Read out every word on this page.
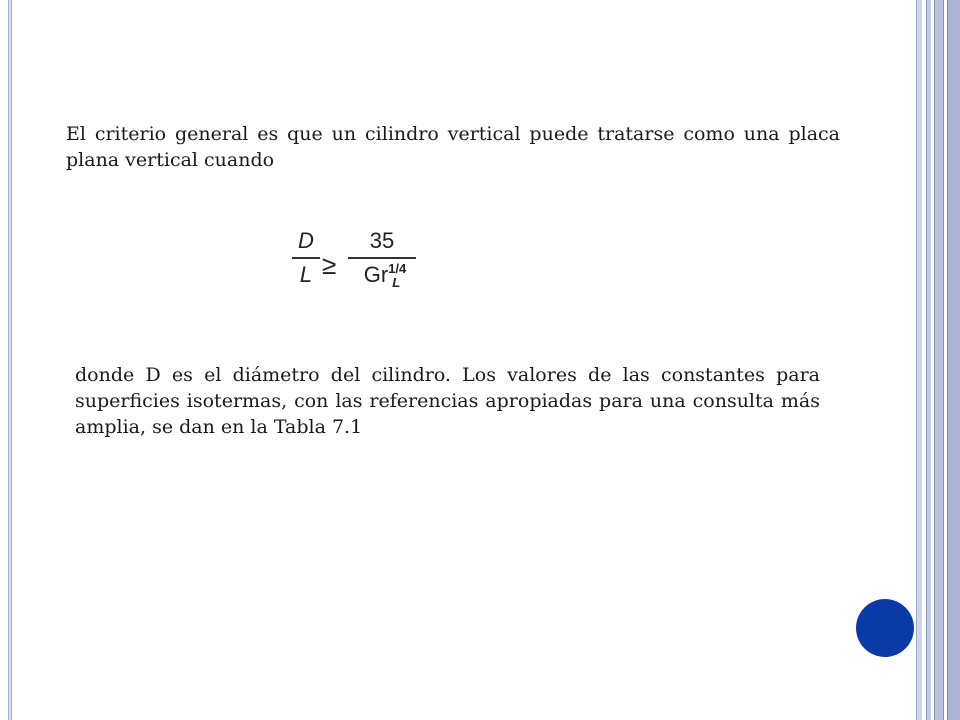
El criterio general es que un cilindro vertical puede tratarse como una placa plana vertical cuando

D
L ≥
35
$Gr^{1/4}_L$

donde D es el diámetro del cilindro. Los valores de las constantes para superficies isotermas, con las referencias apropiadas para una consulta más amplia, se dan en la Tabla 7.1
